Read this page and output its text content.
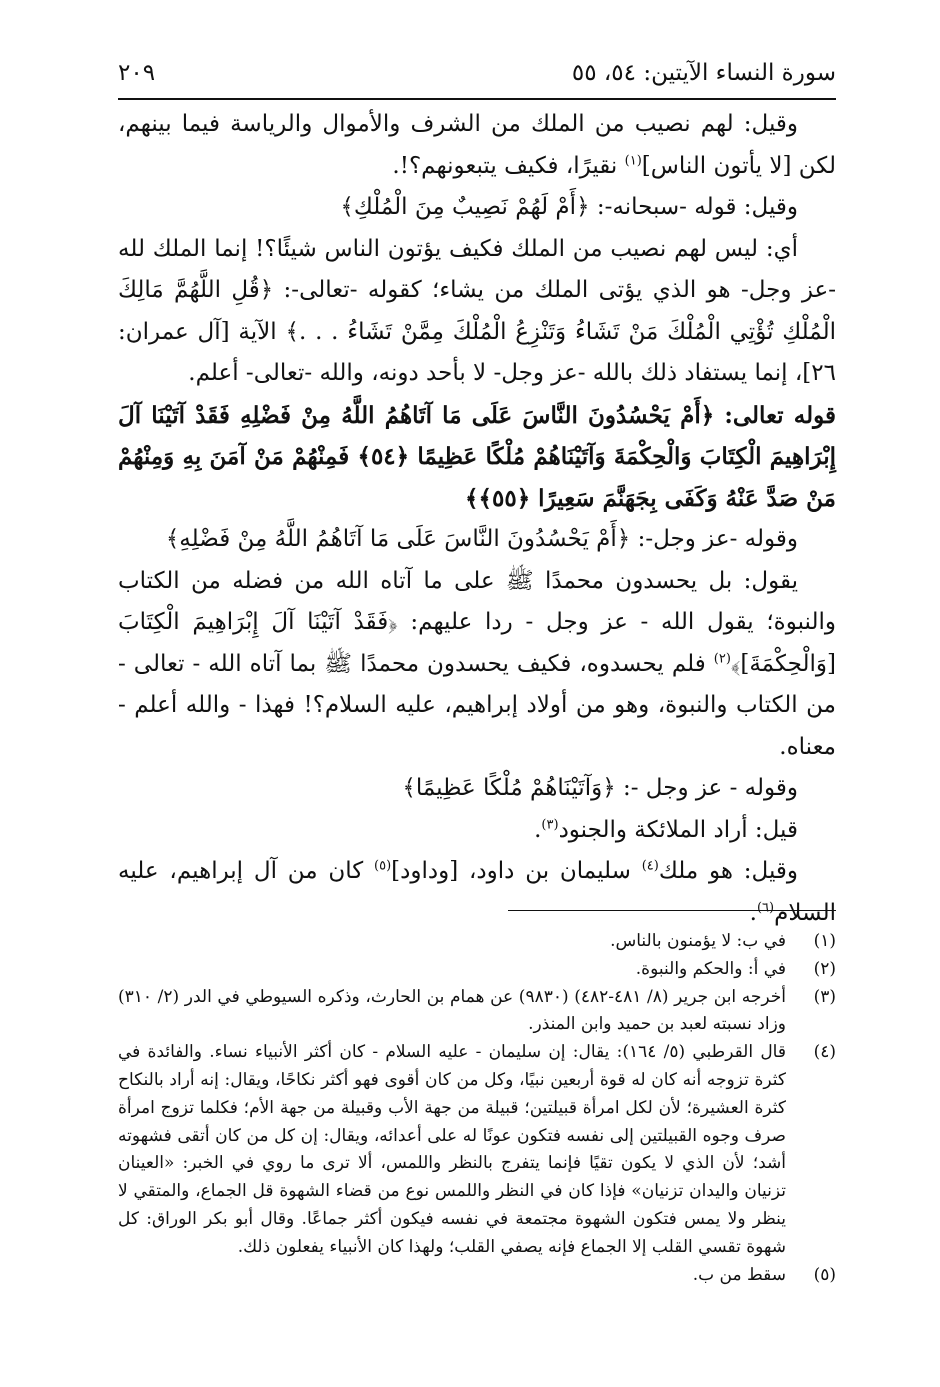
سورة النساء الآيتين: ٥٤، ٥٥
٢٠٩

وقيل: لهم نصيب من الملك من الشرف والأموال والرياسة فيما بينهم، لكن [لا يأتون الناس]$^{(١)}$ نقيرًا، فكيف يتبعونهم؟!.

وقيل: قوله -سبحانه-: ﴿أَمْ لَهُمْ نَصِيبٌ مِنَ الْمُلْكِ﴾

أي: ليس لهم نصيب من الملك فكيف يؤتون الناس شيئًا؟! إنما الملك لله -عز وجل- هو الذي يؤتى الملك من يشاء؛ كقوله -تعالى-: ﴿قُلِ اللَّهُمَّ مَالِكَ الْمُلْكِ تُؤْتِي الْمُلْكَ مَنْ تَشَاءُ وَتَنْزِعُ الْمُلْكَ مِمَّنْ تَشَاءُ . . .﴾ الآية [آل عمران: ٢٦]، إنما يستفاد ذلك بالله -عز وجل- لا بأحد دونه، والله -تعالى- أعلم.

قوله تعالى: ﴿أَمْ يَحْسُدُونَ النَّاسَ عَلَى مَا آتَاهُمُ اللَّهُ مِنْ فَضْلِهِ فَقَدْ آتَيْنَا آلَ إِبْرَاهِيمَ الْكِتَابَ وَالْحِكْمَةَ وَآتَيْنَاهُمْ مُلْكًا عَظِيمًا ﴿٥٤﴾ فَمِنْهُمْ مَنْ آمَنَ بِهِ وَمِنْهُمْ مَنْ صَدَّ عَنْهُ وَكَفَى بِجَهَنَّمَ سَعِيرًا ﴿٥٥﴾﴾

وقوله -عز وجل-: ﴿أَمْ يَحْسُدُونَ النَّاسَ عَلَى مَا آتَاهُمُ اللَّهُ مِنْ فَضْلِهِ﴾

يقول: بل يحسدون محمدًا ﷺ على ما آتاه الله من فضله من الكتاب والنبوة؛ يقول الله - عز وجل - ردا عليهم: ﴿فَقَدْ آتَيْنَا آلَ إِبْرَاهِيمَ الْكِتَابَ [وَالْحِكْمَةَ]﴾$^{(٢)}$ فلم يحسدوه، فكيف يحسدون محمدًا ﷺ بما آتاه الله - تعالى - من الكتاب والنبوة، وهو من أولاد إبراهيم، عليه السلام؟! فهذا - والله أعلم - معناه.

وقوله - عز وجل -: ﴿وَآتَيْنَاهُمْ مُلْكًا عَظِيمًا﴾

قيل: أراد الملائكة والجنود$^{(٣)}$.

وقيل: هو ملك$^{(٤)}$ سليمان بن داود، [وداود]$^{(٥)}$ كان من آل إبراهيم، عليه السلام$^{(٦)}$.

(١)
في ب: لا يؤمنون بالناس.

(٢)
في أ: والحكم والنبوة.

(٣)
أخرجه ابن جرير (٨/ ٤٨١-٤٨٢) (٩٨٣٠) عن همام بن الحارث، وذكره السيوطي في الدر (٢/ ٣١٠) وزاد نسبته لعبد بن حميد وابن المنذر.

(٤)
قال القرطبي (٥/ ١٦٤): يقال: إن سليمان - عليه السلام - كان أكثر الأنبياء نساء. والفائدة في كثرة تزوجه أنه كان له قوة أربعين نبيًا، وكل من كان أقوى فهو أكثر نكاحًا، ويقال: إنه أراد بالنكاح كثرة العشيرة؛ لأن لكل امرأة قبيلتين؛ قبيلة من جهة الأب وقبيلة من جهة الأم؛ فكلما تزوج امرأة صرف وجوه القبيلتين إلى نفسه فتكون عونًا له على أعدائه، ويقال: إن كل من كان أتقى فشهوته أشد؛ لأن الذي لا يكون تقيًا فإنما يتفرج بالنظر واللمس، ألا ترى ما روي في الخبر: «العينان تزنيان واليدان تزنيان» فإذا كان في النظر واللمس نوع من قضاء الشهوة قل الجماع، والمتقي لا ينظر ولا يمس فتكون الشهوة مجتمعة في نفسه فيكون أكثر جماعًا. وقال أبو بكر الوراق: كل شهوة تقسي القلب إلا الجماع فإنه يصفي القلب؛ ولهذا كان الأنبياء يفعلون ذلك.

(٥)
سقط من ب.
